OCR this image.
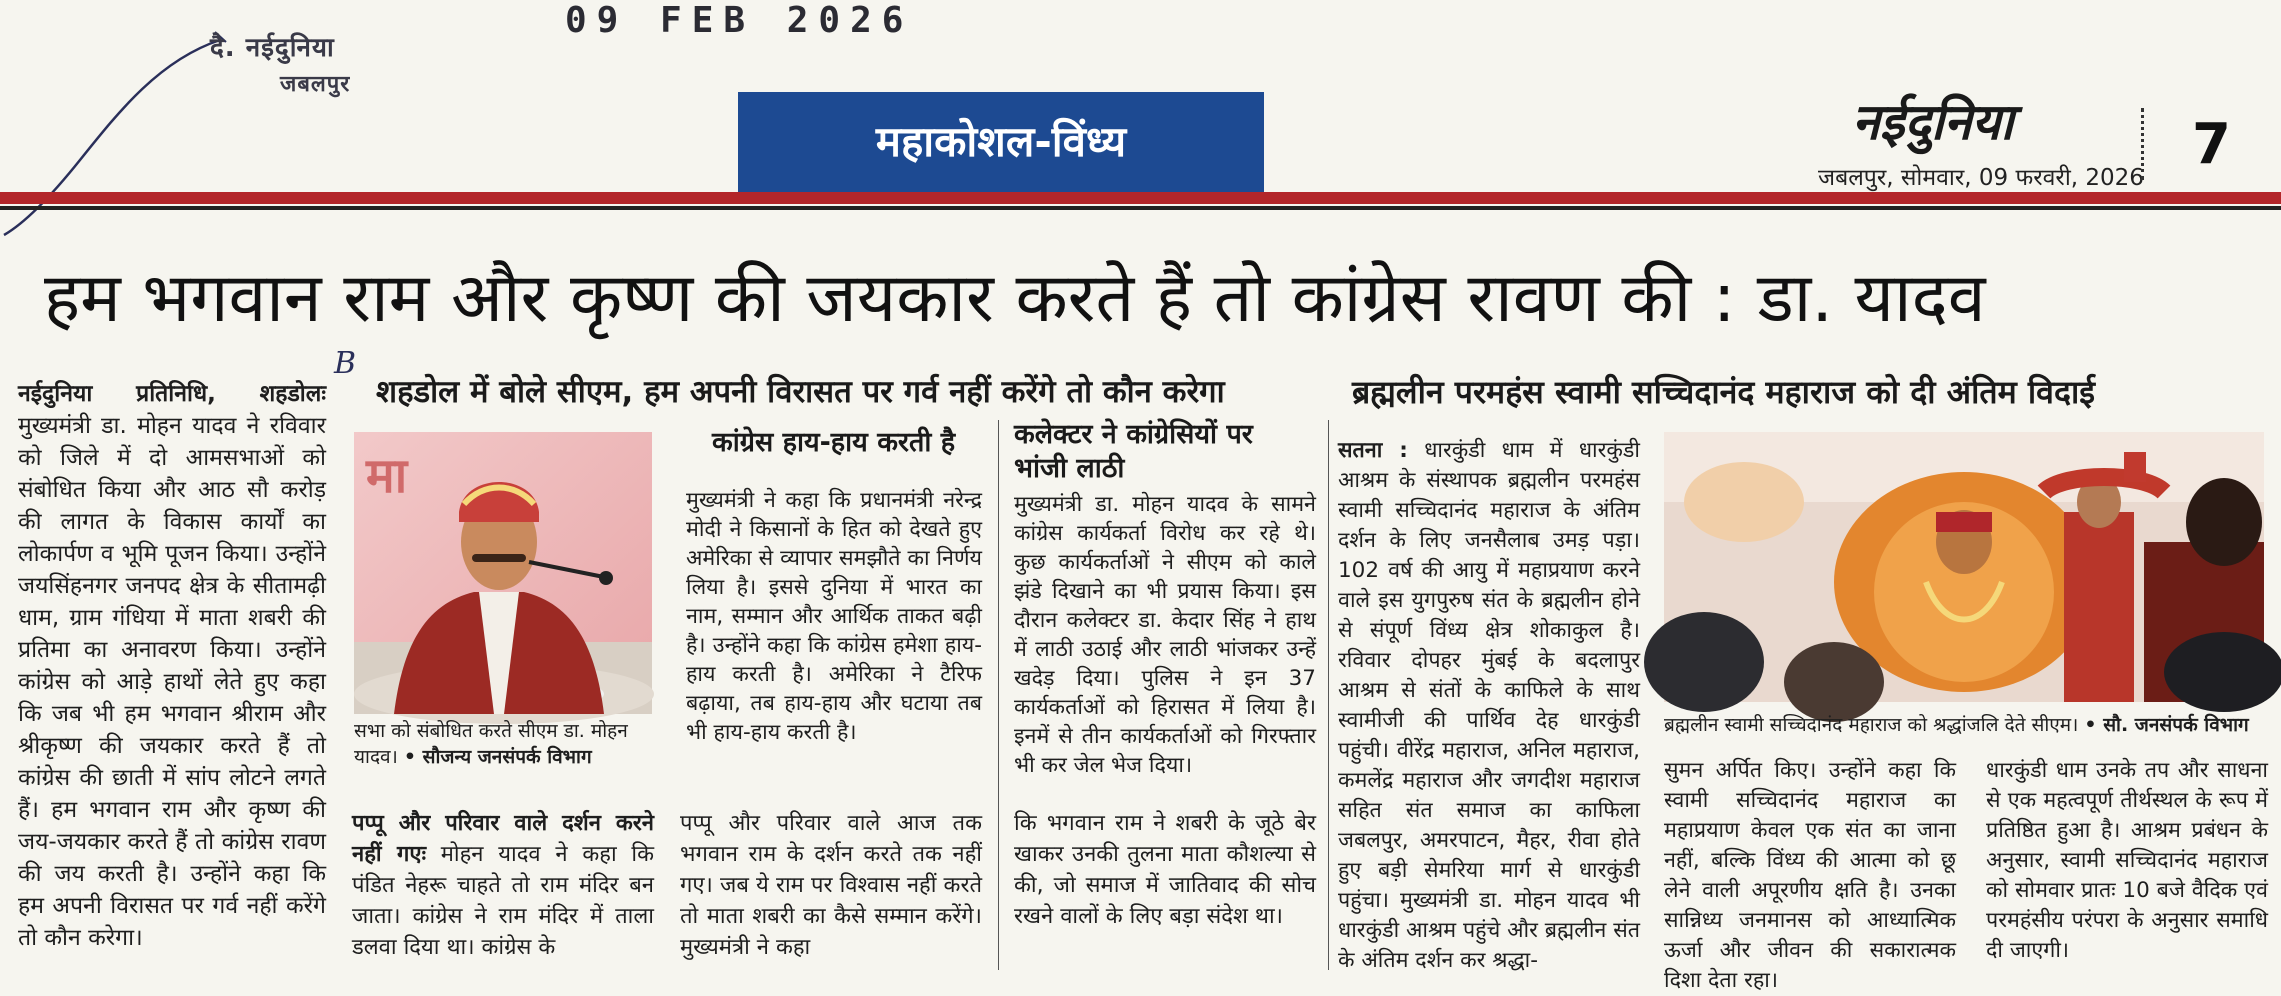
दै. नईदुनिया
जबलपुर
09 FEB 2026
महाकोशल-विंध्य	नईदुनिया
जबलपुर, सोमवार, 09 फरवरी, 2026
7
हम भगवान राम और कृष्ण की जयकार करते हैं तो कांग्रेस रावण की : डा. यादव
शहडोल में बोले सीएम, हम अपनी विरासत पर गर्व नहीं करेंगे तो कौन करेगा
B
ब्रह्मलीन परमहंस स्वामी सच्चिदानंद महाराज को दी अंतिम विदाई

नईदुनिया प्रतिनिधि, शहडोलः मुख्यमंत्री डा. मोहन यादव ने रविवार को जिले में दो आमसभाओं को संबोधित किया और आठ सौ करोड़ की लागत के विकास कार्यों का लोकार्पण व भूमि पूजन किया। उन्होंने जयसिंहनगर जनपद क्षेत्र के सीतामढ़ी धाम, ग्राम गंधिया में माता शबरी की प्रतिमा का अनावरण किया। उन्होंने कांग्रेस को आड़े हाथों लेते हुए कहा कि जब भी हम भगवान श्रीराम और श्रीकृष्ण की जयकार करते हैं तो कांग्रेस की छाती में सांप लोटने लगते हैं। हम भगवान राम और कृष्ण की जय-जयकार करते हैं तो कांग्रेस रावण की जय करती है। उन्होंने कहा कि हम अपनी विरासत पर गर्व नहीं करेंगे तो कौन करेगा।

मा
सभा को संबोधित करते सीएम डा. मोहन यादव। • सौजन्य जनसंपर्क विभाग

पप्पू और परिवार वाले दर्शन करने नहीं गएः मोहन यादव ने कहा कि पंडित नेहरू चाहते तो राम मंदिर बन जाता। कांग्रेस ने राम मंदिर में ताला डलवा दिया था। कांग्रेस के

कांग्रेस हाय-हाय करती है
मुख्यमंत्री ने कहा कि प्रधानमंत्री नरेन्द्र मोदी ने किसानों के हित को देखते हुए अमेरिका से व्यापार समझौते का निर्णय लिया है। इससे दुनिया में भारत का नाम, सम्मान और आर्थिक ताकत बढ़ी है। उन्होंने कहा कि कांग्रेस हमेशा हाय-हाय करती है। अमेरिका ने टैरिफ बढ़ाया, तब हाय-हाय और घटाया तब भी हाय-हाय करती है।
पप्पू और परिवार वाले आज तक भगवान राम के दर्शन करते तक नहीं गए। जब ये राम पर विश्वास नहीं करते तो माता शबरी का कैसे सम्मान करेंगे। मुख्यमंत्री ने कहा
कलेक्टर ने कांग्रेसियों पर भांजी लाठी
मुख्यमंत्री डा. मोहन यादव के सामने कांग्रेस कार्यकर्ता विरोध कर रहे थे। कुछ कार्यकर्ताओं ने सीएम को काले झंडे दिखाने का भी प्रयास किया। इस दौरान कलेक्टर डा. केदार सिंह ने हाथ में लाठी उठाई और लाठी भांजकर उन्हें खदेड़ दिया। पुलिस ने इन 37 कार्यकर्ताओं को हिरासत में लिया है। इनमें से तीन कार्यकर्ताओं को गिरफ्तार भी कर जेल भेज दिया।
कि भगवान राम ने शबरी के जूठे बेर खाकर उनकी तुलना माता कौशल्या से की, जो समाज में जातिवाद की सोच रखने वालों के लिए बड़ा संदेश था।

सतना : धारकुंडी धाम में धारकुंडी आश्रम के संस्थापक ब्रह्मलीन परमहंस स्वामी सच्चिदानंद महाराज के अंतिम दर्शन के लिए जनसैलाब उमड़ पड़ा। 102 वर्ष की आयु में महाप्रयाण करने वाले इस युगपुरुष संत के ब्रह्मलीन होने से संपूर्ण विंध्य क्षेत्र शोकाकुल है। रविवार दोपहर मुंबई के बदलापुर आश्रम से संतों के काफिले के साथ स्वामीजी की पार्थिव देह धारकुंडी पहुंची। वीरेंद्र महाराज, अनिल महाराज, कमलेंद्र महाराज और जगदीश महाराज सहित संत समाज का काफिला जबलपुर, अमरपाटन, मैहर, रीवा होते हुए बड़ी सेमरिया मार्ग से धारकुंडी पहुंचा। मुख्यमंत्री डा. मोहन यादव भी धारकुंडी आश्रम पहुंचे और ब्रह्मलीन संत के अंतिम दर्शन कर श्रद्धा-

ब्रह्मलीन स्वामी सच्चिदानंद महाराज को श्रद्धांजलि देते सीएम। • सौ. जनसंपर्क विभाग
सुमन अर्पित किए। उन्होंने कहा कि स्वामी सच्चिदानंद महाराज का महाप्रयाण केवल एक संत का जाना नहीं, बल्कि विंध्य की आत्मा को छू लेने वाली अपूरणीय क्षति है। उनका सान्निध्य जनमानस को आध्यात्मिक ऊर्जा और जीवन की सकारात्मक दिशा देता रहा।
धारकुंडी धाम उनके तप और साधना से एक महत्वपूर्ण तीर्थस्थल के रूप में प्रतिष्ठित हुआ है। आश्रम प्रबंधन के अनुसार, स्वामी सच्चिदानंद महाराज को सोमवार प्रातः 10 बजे वैदिक एवं परमहंसीय परंपरा के अनुसार समाधि दी जाएगी।
